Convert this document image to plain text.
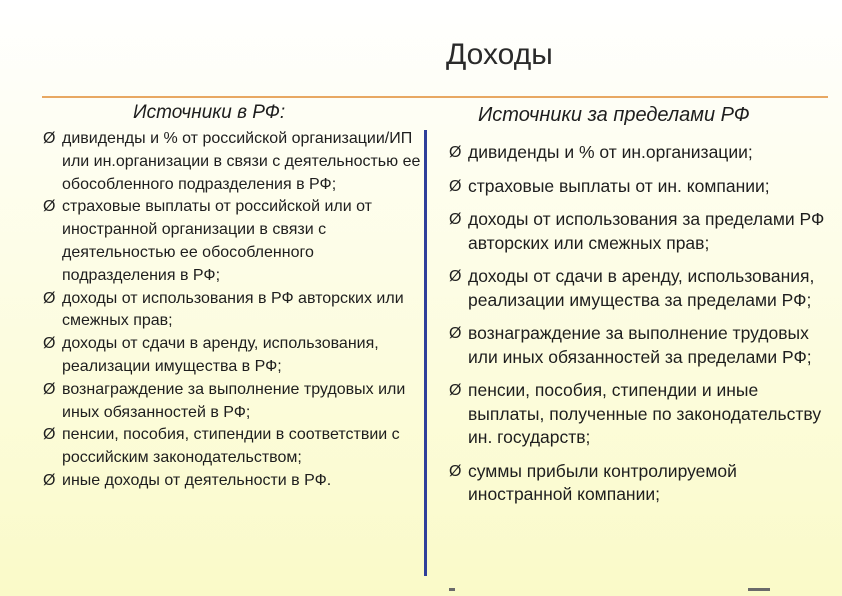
Доходы
Источники в РФ:	Источники за пределами РФ
Ø дивиденды и % от российской организации/ИП или ин.организации в связи с деятельностью ее обособленного подразделения в РФ;
Ø страховые выплаты от российской или от иностранной организации в связи с деятельностью ее обособленного подразделения в РФ;
Ø доходы от использования в РФ авторских или смежных прав;
Ø доходы от сдачи в аренду, использования, реализации имущества в РФ;
Ø вознаграждение за выполнение трудовых или иных обязанностей в РФ;
Ø пенсии, пособия, стипендии в соответствии с российским законодательством;
Ø иные доходы от деятельности в РФ.
Ø дивиденды и % от ин.организации;
Ø страховые выплаты от ин. компании;
Ø доходы от использования за пределами РФ авторских или смежных прав;
Ø доходы от сдачи в аренду, использования, реализации имущества за пределами РФ;
Ø вознаграждение за выполнение трудовых или иных обязанностей за пределами РФ;
Ø пенсии, пособия, стипендии и иные выплаты, полученные по законодательству ин. государств;
Ø суммы прибыли контролируемой иностранной компании;
